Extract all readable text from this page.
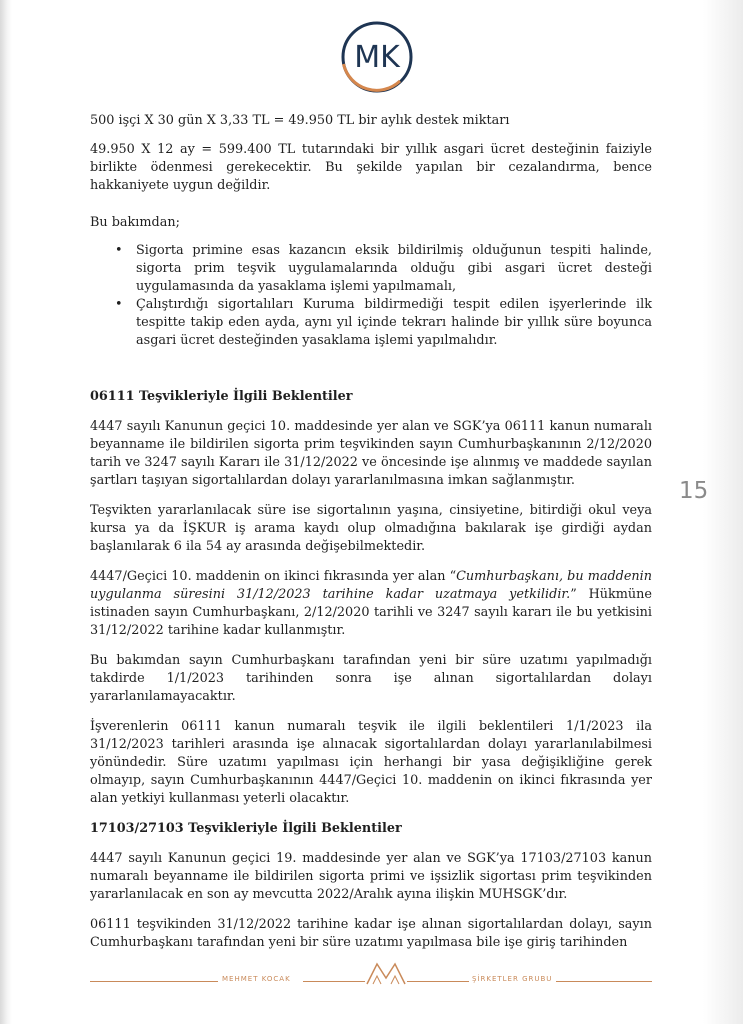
MK
15

500 işçi X 30 gün X 3,33 TL = 49.950 TL bir aylık destek miktarı

49.950 X 12 ay = 599.400 TL tutarındaki bir yıllık asgari ücret desteğinin faiziyle birlikte ödenmesi gerekecektir. Bu şekilde yapılan bir cezalandırma, bence hakkaniyete uygun değildir.

Bu bakımdan;

• Sigorta primine esas kazancın eksik bildirilmiş olduğunun tespiti halinde, sigorta prim teşvik uygulamalarında olduğu gibi asgari ücret desteği uygulamasında da yasaklama işlemi yapılmamalı,
• Çalıştırdığı sigortalıları Kuruma bildirmediği tespit edilen işyerlerinde ilk tespitte takip eden ayda, aynı yıl içinde tekrarı halinde bir yıllık süre boyunca asgari ücret desteğinden yasaklama işlemi yapılmalıdır.

06111 Teşvikleriyle İlgili Beklentiler

4447 sayılı Kanunun geçici 10. maddesinde yer alan ve SGK’ya 06111 kanun numaralı beyanname ile bildirilen sigorta prim teşvikinden sayın Cumhurbaşkanının 2/12/2020 tarih ve 3247 sayılı Kararı ile 31/12/2022 ve öncesinde işe alınmış ve maddede sayılan şartları taşıyan sigortalılardan dolayı yararlanılmasına imkan sağlanmıştır.

Teşvikten yararlanılacak süre ise sigortalının yaşına, cinsiyetine, bitirdiği okul veya kursa ya da İŞKUR iş arama kaydı olup olmadığına bakılarak işe girdiği aydan başlanılarak 6 ila 54 ay arasında değişebilmektedir.

4447/Geçici 10. maddenin on ikinci fıkrasında yer alan “Cumhurbaşkanı, bu maddenin uygulanma süresini 31/12/2023 tarihine kadar uzatmaya yetkilidir.” Hükmüne istinaden sayın Cumhurbaşkanı, 2/12/2020 tarihli ve 3247 sayılı kararı ile bu yetkisini 31/12/2022 tarihine kadar kullanmıştır.

Bu bakımdan sayın Cumhurbaşkanı tarafından yeni bir süre uzatımı yapılmadığı takdirde 1/1/2023 tarihinden sonra işe alınan sigortalılardan dolayı yararlanılamayacaktır.

İşverenlerin 06111 kanun numaralı teşvik ile ilgili beklentileri 1/1/2023 ila 31/12/2023 tarihleri arasında işe alınacak sigortalılardan dolayı yararlanılabilmesi yönündedir. Süre uzatımı yapılması için herhangi bir yasa değişikliğine gerek olmayıp, sayın Cumhurbaşkanının 4447/Geçici 10. maddenin on ikinci fıkrasında yer alan yetkiyi kullanması yeterli olacaktır.

17103/27103 Teşvikleriyle İlgili Beklentiler

4447 sayılı Kanunun geçici 19. maddesinde yer alan ve SGK’ya 17103/27103 kanun numaralı beyanname ile bildirilen sigorta primi ve işsizlik sigortası prim teşvikinden yararlanılacak en son ay mevcutta 2022/Aralık ayına ilişkin MUHSGK’dır.

06111 teşvikinden 31/12/2022 tarihine kadar işe alınan sigortalılardan dolayı, sayın Cumhurbaşkanı tarafından yeni bir süre uzatımı yapılmasa bile işe giriş tarihinden

MEHMET KOCAK	ŞİRKETLER GRUBU
